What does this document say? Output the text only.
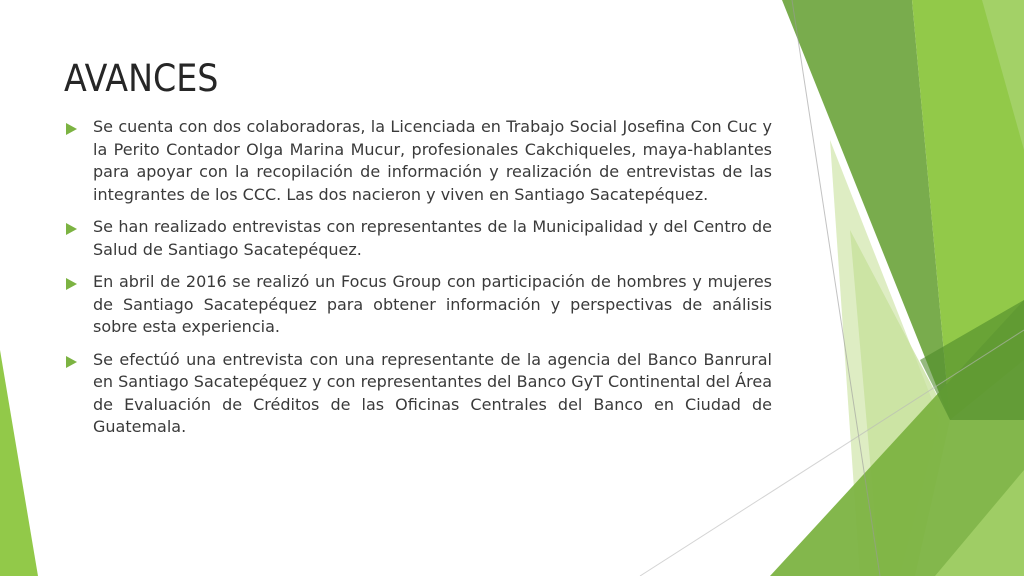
AVANCES
Se cuenta con dos colaboradoras, la Licenciada en Trabajo Social Josefina Con Cuc y la Perito Contador Olga Marina Mucur, profesionales Cakchiqueles, maya-hablantes para apoyar con la recopilación de información y realización de entrevistas de las integrantes de los CCC. Las dos nacieron y viven en Santiago Sacatepéquez.
Se han realizado entrevistas con representantes de la Municipalidad y del Centro de Salud de Santiago Sacatepéquez.
En abril de 2016 se realizó un Focus Group con participación de hombres y mujeres de Santiago Sacatepéquez para obtener información y perspectivas de análisis sobre esta experiencia.
Se efectúó una entrevista con una representante de la agencia del Banco Banrural en Santiago Sacatepéquez y con representantes del Banco GyT Continental del Área de Evaluación de Créditos de las Oficinas Centrales del Banco en Ciudad de Guatemala.
